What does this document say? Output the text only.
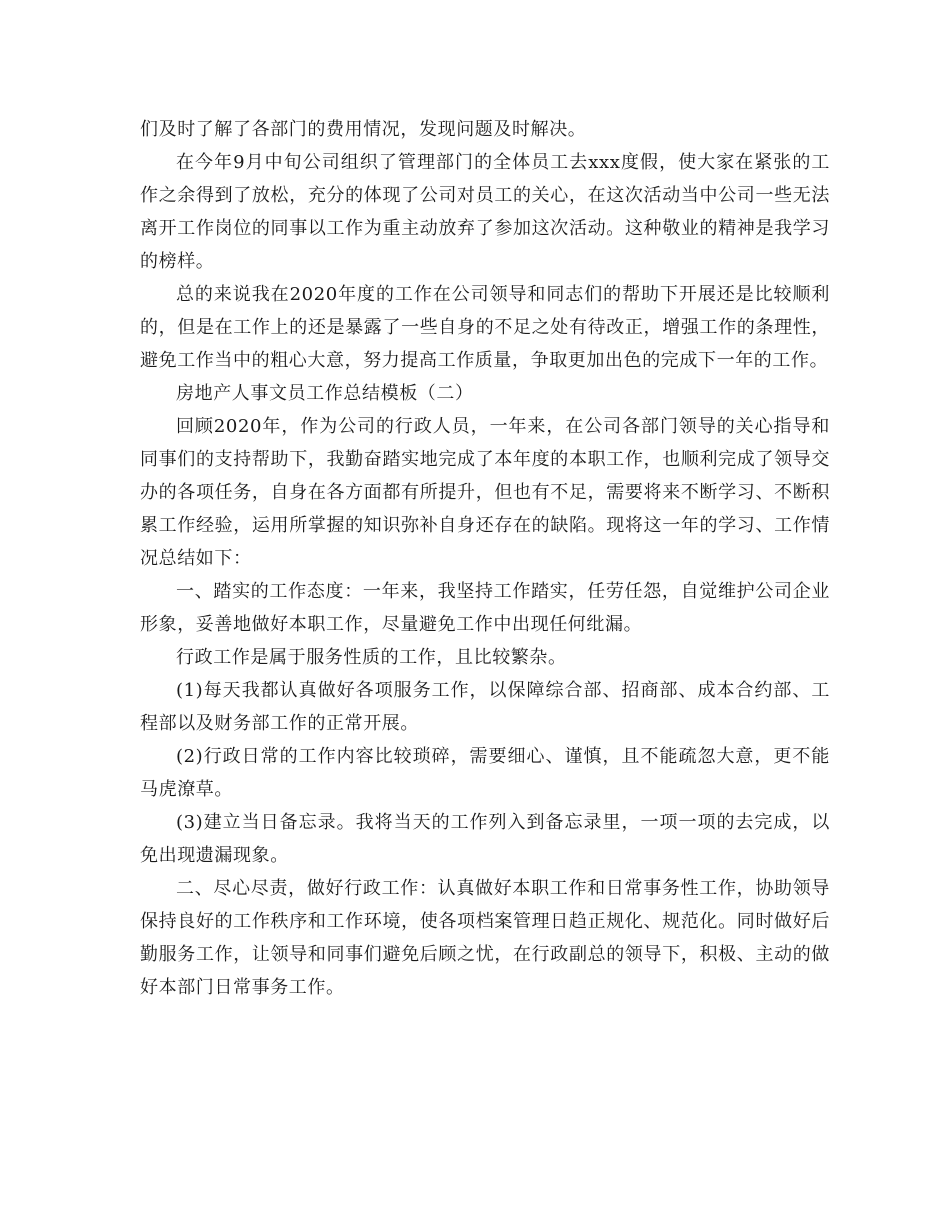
们及时了解了各部门的费用情况，发现问题及时解决。

在今年9月中旬公司组织了管理部门的全体员工去xxx度假，使大家在紧张的工作之余得到了放松，充分的体现了公司对员工的关心，在这次活动当中公司一些无法离开工作岗位的同事以工作为重主动放弃了参加这次活动。这种敬业的精神是我学习的榜样。

总的来说我在2020年度的工作在公司领导和同志们的帮助下开展还是比较顺利的，但是在工作上的还是暴露了一些自身的不足之处有待改正，增强工作的条理性，避免工作当中的粗心大意，努力提高工作质量，争取更加出色的完成下一年的工作。

房地产人事文员工作总结模板（二）

回顾2020年，作为公司的行政人员，一年来，在公司各部门领导的关心指导和同事们的支持帮助下，我勤奋踏实地完成了本年度的本职工作，也顺利完成了领导交办的各项任务，自身在各方面都有所提升，但也有不足，需要将来不断学习、不断积累工作经验，运用所掌握的知识弥补自身还存在的缺陷。现将这一年的学习、工作情况总结如下：

一、踏实的工作态度：一年来，我坚持工作踏实，任劳任怨，自觉维护公司企业形象，妥善地做好本职工作，尽量避免工作中出现任何纰漏。

行政工作是属于服务性质的工作，且比较繁杂。

(1)每天我都认真做好各项服务工作，以保障综合部、招商部、成本合约部、工程部以及财务部工作的正常开展。

(2)行政日常的工作内容比较琐碎，需要细心、谨慎，且不能疏忽大意，更不能马虎潦草。

(3)建立当日备忘录。我将当天的工作列入到备忘录里，一项一项的去完成，以免出现遗漏现象。

二、尽心尽责，做好行政工作：认真做好本职工作和日常事务性工作，协助领导保持良好的工作秩序和工作环境，使各项档案管理日趋正规化、规范化。同时做好后勤服务工作，让领导和同事们避免后顾之忧，在行政副总的领导下，积极、主动的做好本部门日常事务工作。
